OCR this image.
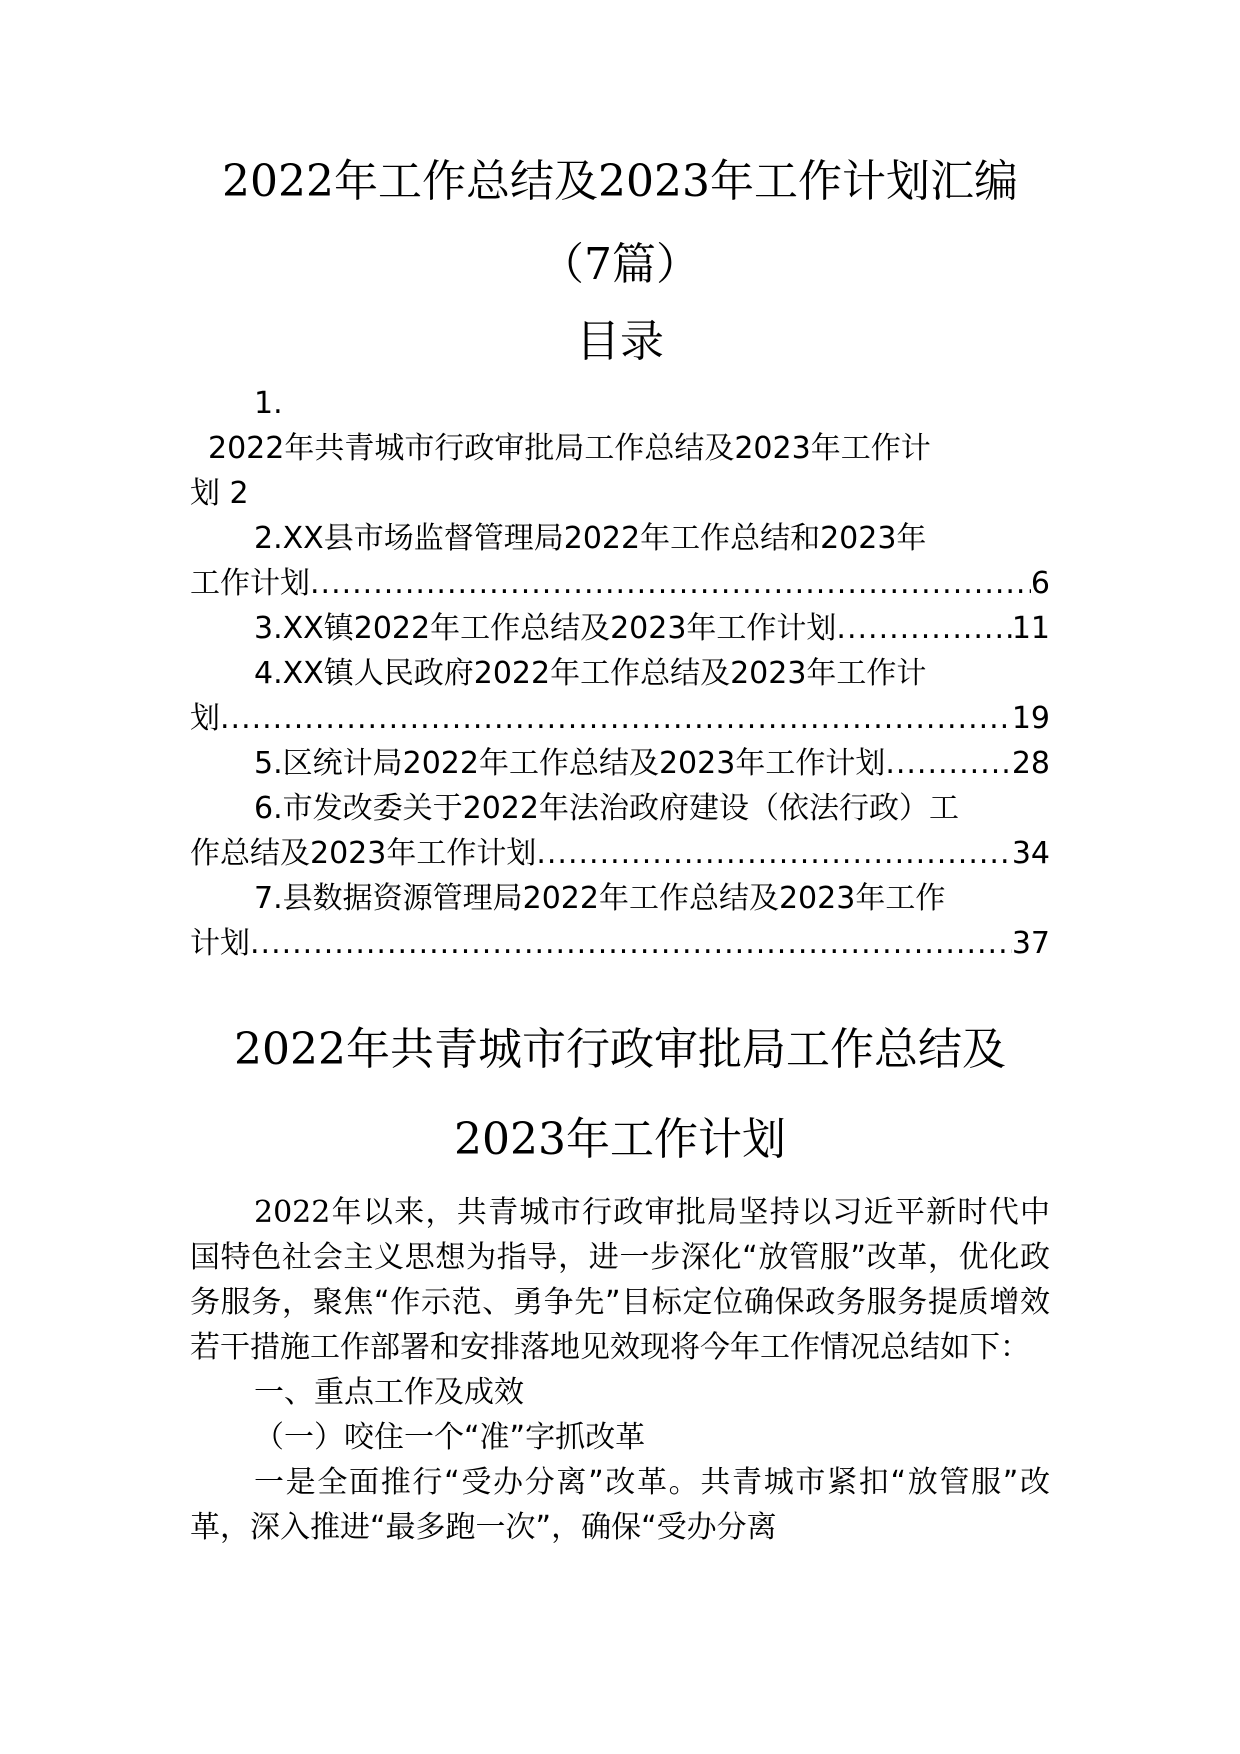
2022年工作总结及2023年工作计划汇编
（7篇）
目录
1.
2022年共青城市行政审批局工作总结及2023年工作计
划 2
2.XX县市场监督管理局2022年工作总结和2023年
工作计划 .....	6
3.XX镇2022年工作总结及2023年工作计划 .....	11
4.XX镇人民政府2022年工作总结及2023年工作计
划 .....	19
5.区统计局2022年工作总结及2023年工作计划 .....	28
6.市发改委关于2022年法治政府建设（依法行政）工
作总结及2023年工作计划 .....	34
7.县数据资源管理局2022年工作总结及2023年工作
计划 .....	37
2022年共青城市行政审批局工作总结及
2023年工作计划

2022年以来，共青城市行政审批局坚持以习近平新时代中国特色社会主义思想为指导，进一步深化“放管服”改革，优化政务服务，聚焦“作示范、勇争先”目标定位确保政务服务提质增效若干措施工作部署和安排落地见效现将今年工作情况总结如下：

一、重点工作及成效

（一）咬住一个“准”字抓改革

一是全面推行“受办分离”改革。共青城市紧扣“放管服”改革，深入推进“最多跑一次”，确保“受办分离
